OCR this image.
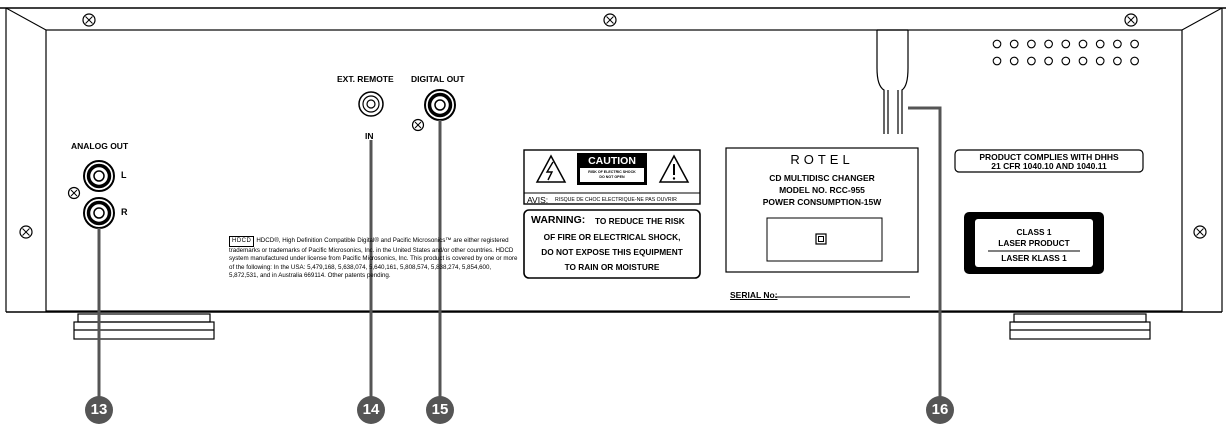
ANALOG OUT
L
R
EXT. REMOTE
IN
DIGITAL OUT
HDCD HDCD®, High Definition Compatible Digital® and Pacific Microsonics™ are either registered trademarks or trademarks of Pacific Microsonics, Inc. in the United States and/or other countries. HDCD system manufactured under license from Pacific Microsonics, Inc. This product is covered by one or more of the following: In the USA: 5,479,168, 5,638,074, 5,640,161, 5,808,574, 5,838,274, 5,854,600, 5,872,531, and in Australia 669114. Other patents pending.
CAUTION
RISK OF ELECTRIC SHOCK
DO NOT OPEN
AVIS: RISQUE DE CHOC ELECTRIQUE-NE PAS OUVRIR
WARNING: TO REDUCE THE RISK
OF FIRE OR ELECTRICAL SHOCK,
DO NOT EXPOSE THIS EQUIPMENT
TO RAIN OR MOISTURE
ROTEL
CD MULTIDISC CHANGER
MODEL NO. RCC-955
POWER CONSUMPTION-15W
SERIAL No:
PRODUCT COMPLIES WITH DHHS
21 CFR 1040.10 AND 1040.11
CLASS 1
LASER PRODUCT
LASER KLASS 1
13	14	15	16
